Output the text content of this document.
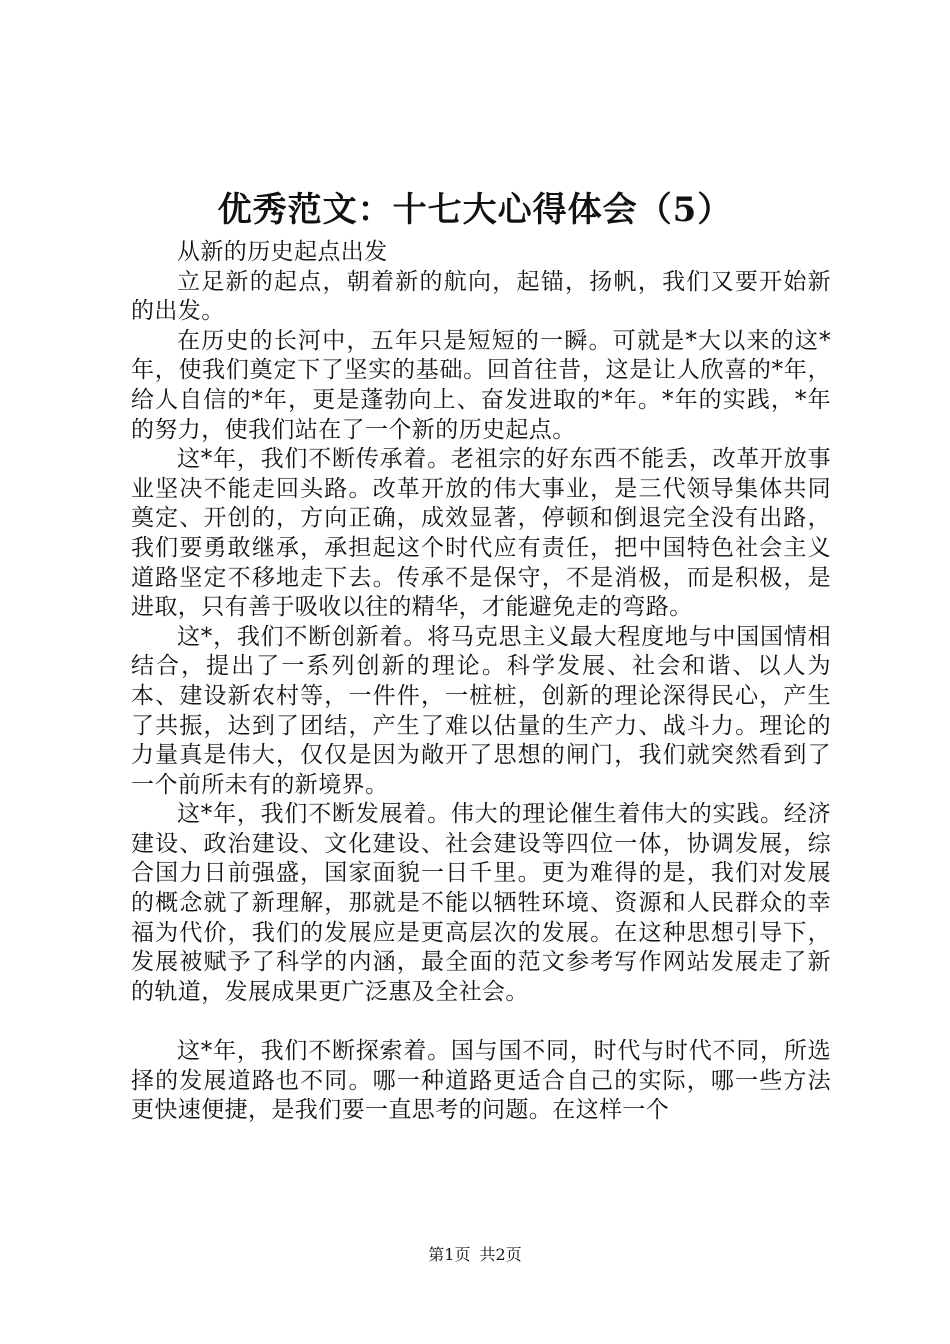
优秀范文：十七大心得体会（5）

从新的历史起点出发

立足新的起点，朝着新的航向，起锚，扬帆，我们又要开始新的出发。

在历史的长河中，五年只是短短的一瞬。可就是*大以来的这*年，使我们奠定下了坚实的基础。回首往昔，这是让人欣喜的*年，给人自信的*年，更是蓬勃向上、奋发进取的*年。*年的实践，*年的努力，使我们站在了一个新的历史起点。

这*年，我们不断传承着。老祖宗的好东西不能丢，改革开放事业坚决不能走回头路。改革开放的伟大事业，是三代领导集体共同奠定、开创的，方向正确，成效显著，停顿和倒退完全没有出路，我们要勇敢继承，承担起这个时代应有责任，把中国特色社会主义道路坚定不移地走下去。传承不是保守，不是消极，而是积极，是进取，只有善于吸收以往的精华，才能避免走的弯路。

这*，我们不断创新着。将马克思主义最大程度地与中国国情相结合，提出了一系列创新的理论。科学发展、社会和谐、以人为本、建设新农村等，一件件，一桩桩，创新的理论深得民心，产生了共振，达到了团结，产生了难以估量的生产力、战斗力。理论的力量真是伟大，仅仅是因为敞开了思想的闸门，我们就突然看到了一个前所未有的新境界。

这*年，我们不断发展着。伟大的理论催生着伟大的实践。经济建设、政治建设、文化建设、社会建设等四位一体，协调发展，综合国力日前强盛，国家面貌一日千里。更为难得的是，我们对发展的概念就了新理解，那就是不能以牺牲环境、资源和人民群众的幸福为代价，我们的发展应是更高层次的发展。在这种思想引导下，发展被赋予了科学的内涵，最全面的范文参考写作网站发展走了新的轨道，发展成果更广泛惠及全社会。

这*年，我们不断探索着。国与国不同，时代与时代不同，所选择的发展道路也不同。哪一种道路更适合自己的实际，哪一些方法更快速便捷，是我们要一直思考的问题。在这样一个

第1页 共2页
